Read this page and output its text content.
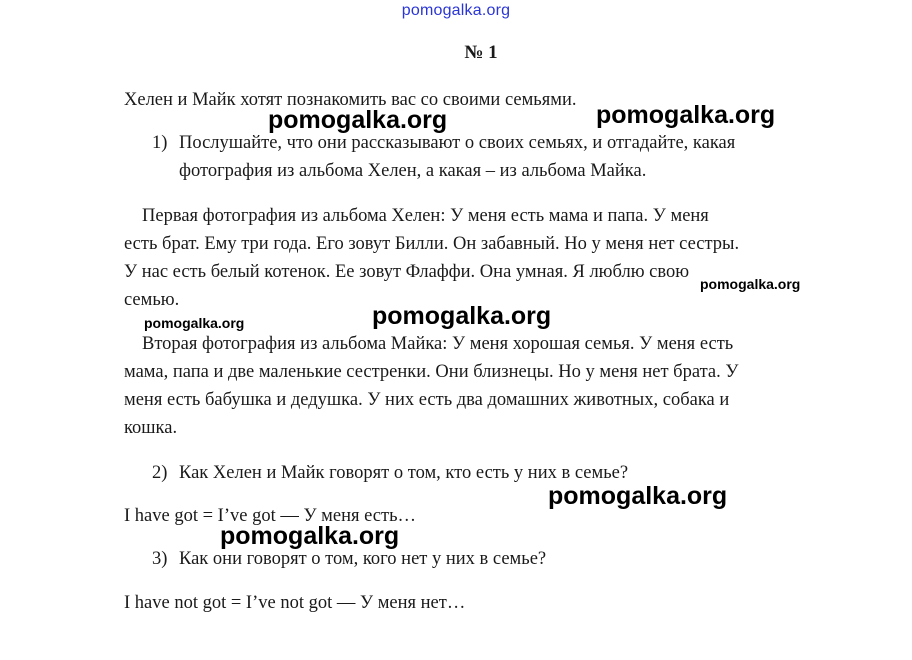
pomogalka.org
№ 1
Хелен и Майк хотят познакомить вас со своими семьями.
1) Послушайте, что они рассказывают о своих семьях, и отгадайте, какая
фотография из альбома Хелен, а какая – из альбома Майка.
Первая фотография из альбома Хелен: У меня есть мама и папа. У меня
есть брат. Ему три года. Его зовут Билли. Он забавный. Но у меня нет сестры.
У нас есть белый котенок. Ее зовут Флаффи. Она умная. Я люблю свою
семью.
Вторая фотография из альбома Майка: У меня хорошая семья. У меня есть
мама, папа и две маленькие сестренки. Они близнецы. Но у меня нет брата. У
меня есть бабушка и дедушка. У них есть два домашних животных, собака и
кошка.
2) Как Хелен и Майк говорят о том, кто есть у них в семье?
I have got = I’ve got — У меня есть…
3) Как они говорят о том, кого нет у них в семье?
I have not got = I’ve not got — У меня нет…
pomogalka.org	pomogalka.org
pomogalka.org
pomogalka.org	pomogalka.org
pomogalka.org
pomogalka.org
